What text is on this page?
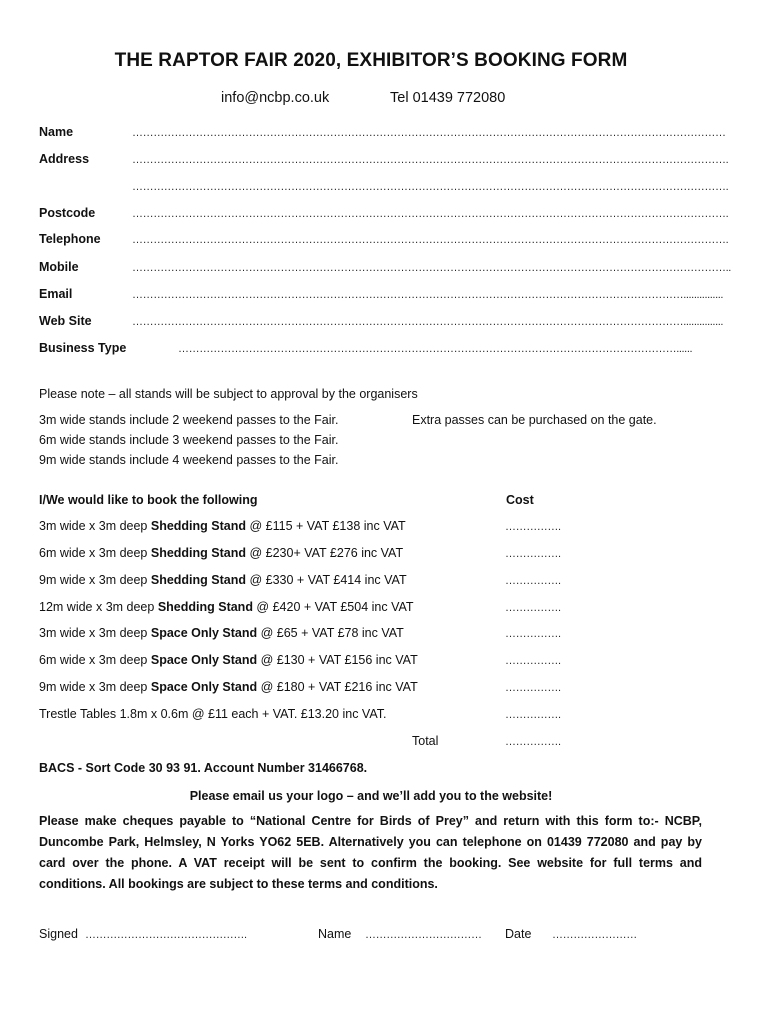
THE RAPTOR FAIR 2020, EXHIBITOR’S BOOKING FORM
info@ncbp.co.uk	Tel 01439 772080
Name	……………………………………………………………………………………………………………………………………………………
Address	…………………………………………………………………………………………………………………………………………………….
…………………………………………………………………………………………………………………………………………………….
Postcode	…………………………………………………………………………………………………………………………………………………….
Telephone	…………………………………………………………………………………………………………………………………………………….
Mobile	……………………………………………………………………………………………………………………………………………………..
Email	…………………………………………………………………………………………………………………………………………...............
Web Site	…………………………………………………………………………………………………………………………………………...............
Business Type	……………………………………………………………………………………………………………………………......
Please note – all stands will be subject to approval by the organisers
3m wide stands include 2 weekend passes to the Fair.
6m wide stands include 3 weekend passes to the Fair.
9m wide stands include 4 weekend passes to the Fair.
Extra passes can be purchased on the gate.
I/We would like to book the following	Cost
3m wide x 3m deep Shedding Stand @ £115 + VAT £138 inc VAT	…………….
6m wide x 3m deep Shedding Stand @ £230+ VAT £276 inc VAT	…………….
9m wide x 3m deep Shedding Stand @ £330 + VAT £414 inc VAT	…………….
12m wide x 3m deep Shedding Stand @ £420 + VAT £504 inc VAT	…………….
3m wide x 3m deep Space Only Stand @ £65 + VAT £78 inc VAT	…………….
6m wide x 3m deep Space Only Stand @ £130 + VAT £156 inc VAT	…………….
9m wide x 3m deep Space Only Stand @ £180 + VAT £216 inc VAT	…………….
Trestle Tables 1.8m x 0.6m @ £11 each + VAT. £13.20 inc VAT.	…………….
Total	…………….
BACS - Sort Code 30 93 91. Account Number 31466768.
Please email us your logo – and we’ll add you to the website!
Please make cheques payable to “National Centre for Birds of Prey” and return with this form to:- NCBP, Duncombe Park, Helmsley, N Yorks YO62 5EB. Alternatively you can telephone on 01439 772080 and pay by card over the phone. A VAT receipt will be sent to confirm the booking. See website for full terms and conditions. All bookings are subject to these terms and conditions.
Signed ……………………………………….	Name …………………………… Date ……………………
